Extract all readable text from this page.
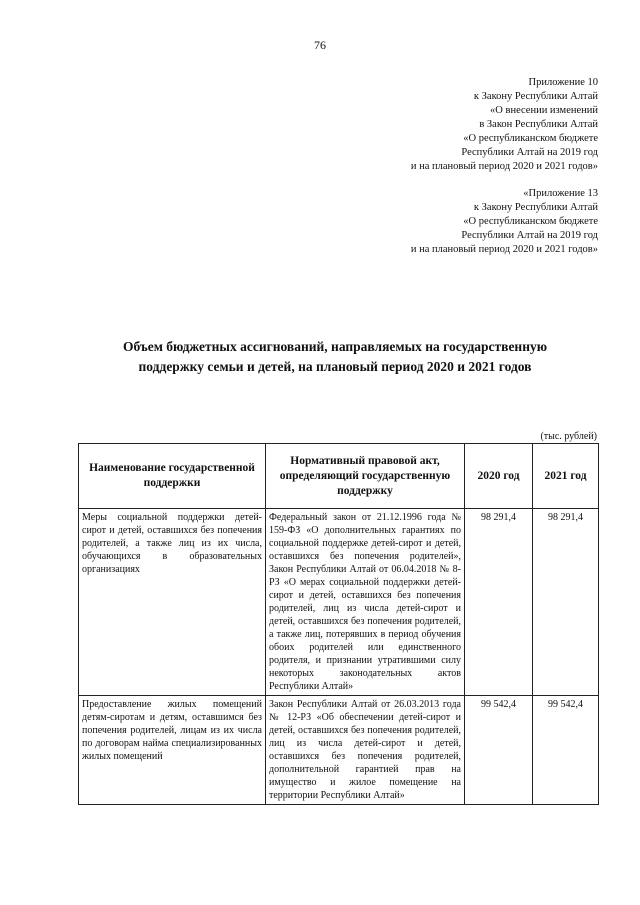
76
Приложение 10
к Закону Республики Алтай
«О внесении изменений
в Закон Республики Алтай
«О республиканском бюджете
Республики Алтай на 2019 год
и на плановый период 2020 и 2021 годов»
«Приложение 13
к Закону Республики Алтай
«О республиканском бюджете
Республики Алтай на 2019 год
и на плановый период 2020 и 2021 годов»
Объем бюджетных ассигнований, направляемых на государственную
поддержку семьи и детей, на плановый период 2020 и 2021 годов
(тыс. рублей)
Наименование государственной поддержки	Нормативный правовой акт, определяющий государственную поддержку	2020 год	2021 год
Меры социальной поддержки детей-сирот и детей, оставшихся без попечения родителей, а также лиц из их числа, обучающихся в образовательных организациях	Федеральный закон от 21.12.1996 года № 159-ФЗ «О дополнительных гарантиях по социальной поддержке детей-сирот и детей, оставшихся без попечения родителей», Закон Республики Алтай от 06.04.2018 № 8-РЗ «О мерах социальной поддержки детей-сирот и детей, оставшихся без попечения родителей, лиц из числа детей-сирот и детей, оставшихся без попечения родителей, а также лиц, потерявших в период обучения обоих родителей или единственного родителя, и признании утратившими силу некоторых законодательных актов Республики Алтай»	98 291,4	98 291,4
Предоставление жилых помещений детям-сиротам и детям, оставшимся без попечения родителей, лицам из их числа по договорам найма специализированных жилых помещений	Закон Республики Алтай от 26.03.2013 года № 12-РЗ «Об обеспечении детей-сирот и детей, оставшихся без попечения родителей, лиц из числа детей-сирот и детей, оставшихся без попечения родителей, дополнительной гарантией прав на имущество и жилое помещение на территории Республики Алтай»	99 542,4	99 542,4
